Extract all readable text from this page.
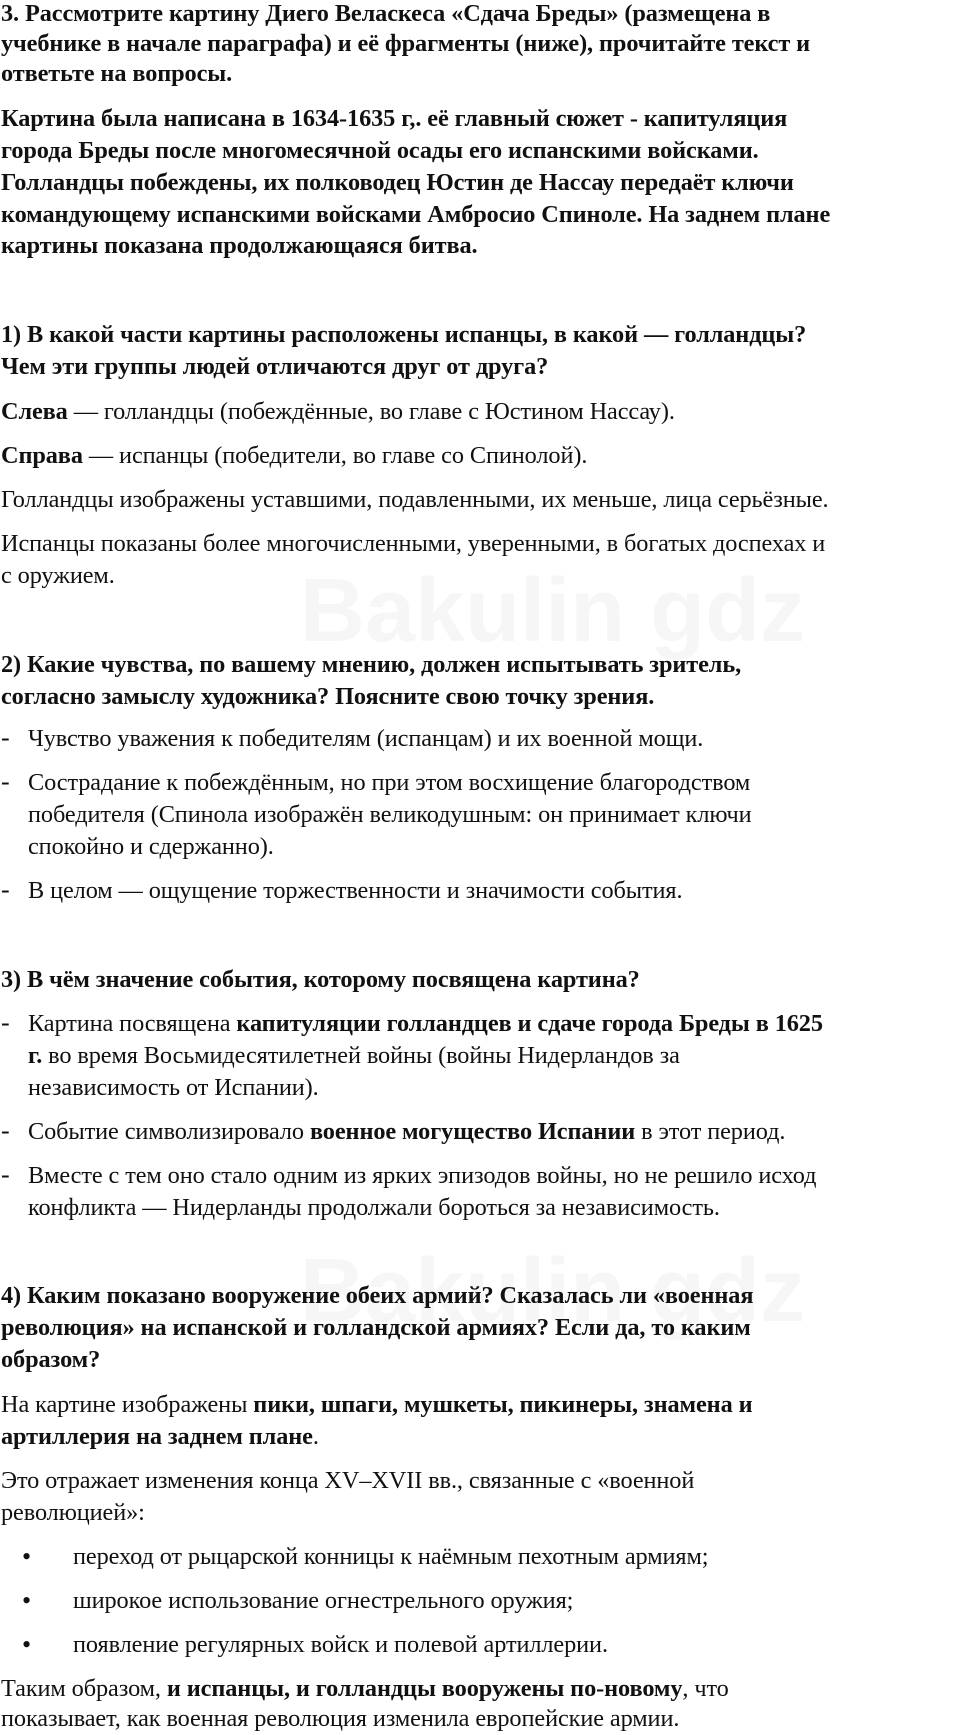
3. Рассмотрите картину Диего Веласкеса «Сдача Бреды» (размещена в

учебнике в начале параграфа) и её фрагменты (ниже), прочитайте текст и

ответьте на вопросы.

Картина была написана в 1634-1635 г,. её главный сюжет - капитуляция

города Бреды после многомесячной осады его испанскими войсками.

Голландцы побеждены, их полководец Юстин де Нассау передаёт ключи

командующему испанскими войсками Амбросио Спиноле. На заднем плане

картины показана продолжающаяся битва.

1) В какой части картины расположены испанцы, в какой — голландцы?

Чем эти группы людей отличаются друг от друга?

Слева — голландцы (побеждённые, во главе с Юстином Нассау).

Справа — испанцы (победители, во главе со Спинолой).

Голландцы изображены уставшими, подавленными, их меньше, лица серьёзные.

Испанцы показаны более многочисленными, уверенными, в богатых доспехах и

с оружием.

2) Какие чувства, по вашему мнению, должен испытывать зритель,

согласно замыслу художника? Поясните свою точку зрения.

- Чувство уважения к победителям (испанцам) и их военной мощи.

- Сострадание к побеждённым, но при этом восхищение благородством

победителя (Спинола изображён великодушным: он принимает ключи

спокойно и сдержанно).

- В целом — ощущение торжественности и значимости события.

3) В чём значение события, которому посвящена картина?

- Картина посвящена капитуляции голландцев и сдаче города Бреды в 1625

г. во время Восьмидесятилетней войны (войны Нидерландов за

независимость от Испании).

- Событие символизировало военное могущество Испании в этот период.

- Вместе с тем оно стало одним из ярких эпизодов войны, но не решило исход

конфликта — Нидерланды продолжали бороться за независимость.

4) Каким показано вооружение обеих армий? Сказалась ли «военная

революция» на испанской и голландской армиях? Если да, то каким

образом?

На картине изображены пики, шпаги, мушкеты, пикинеры, знамена и

артиллерия на заднем плане.

Это отражает изменения конца XV–XVII вв., связанные с «военной

революцией»:

• переход от рыцарской конницы к наёмным пехотным армиям;

• широкое использование огнестрельного оружия;

• появление регулярных войск и полевой артиллерии.

Таким образом, и испанцы, и голландцы вооружены по-новому, что

показывает, как военная революция изменила европейские армии.
